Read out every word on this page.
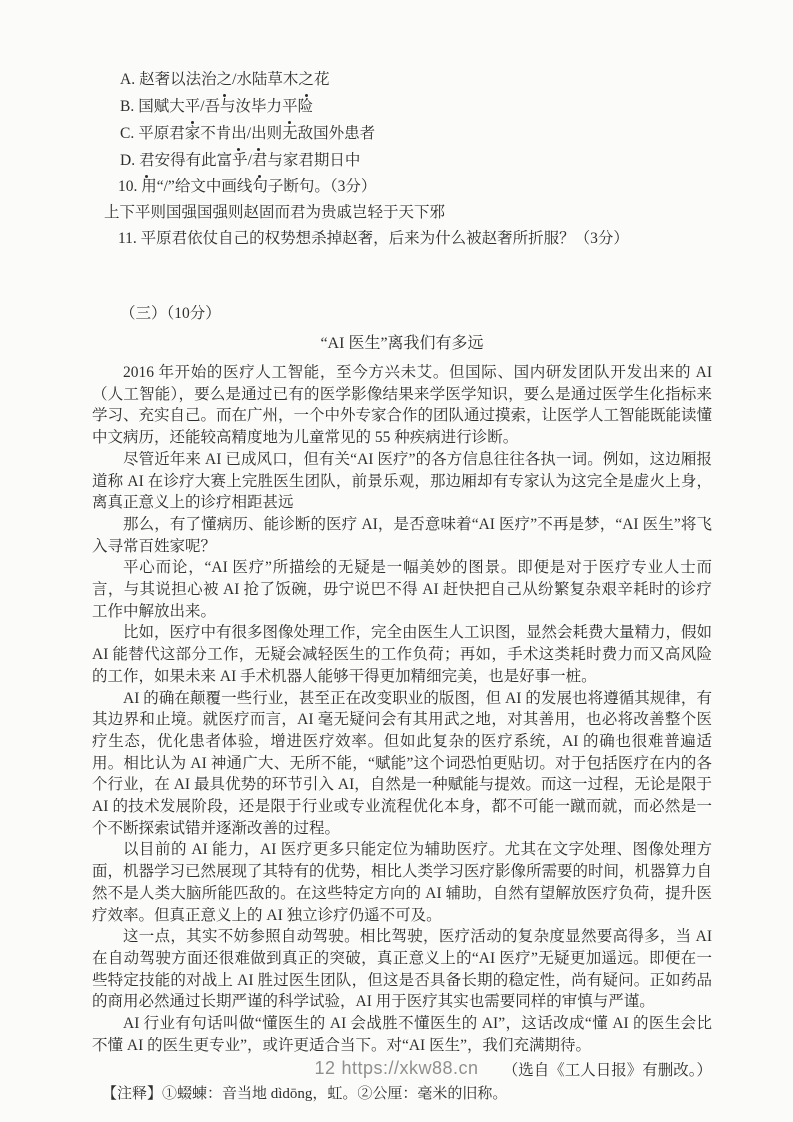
A. 赵奢以法治之/水陆草木之花
B. 国赋大平/吾与汝毕力平险
C. 平原君家不肯出/出则无敌国外患者
D. 君安得有此富乎/君与家君期日中
10. 用“/”给文中画线句子断句。（3分）
上下平则国强国强则赵固而君为贵戚岂轻于天下邪
11. 平原君依仗自己的权势想杀掉赵奢，后来为什么被赵奢所折服？（3分）
（三）（10分）
“AI 医生”离我们有多远

2016 年开始的医疗人工智能，至今方兴未艾。但国际、国内研发团队开发出来的 AI（人工智能），要么是通过已有的医学影像结果来学医学知识，要么是通过医学生化指标来学习、充实自己。而在广州，一个中外专家合作的团队通过摸索，让医学人工智能既能读懂中文病历，还能较高精度地为儿童常见的 55 种疾病进行诊断。

尽管近年来 AI 已成风口，但有关“AI 医疗”的各方信息往往各执一词。例如，这边厢报道称 AI 在诊疗大赛上完胜医生团队，前景乐观，那边厢却有专家认为这完全是虚火上身，离真正意义上的诊疗相距甚远

那么，有了懂病历、能诊断的医疗 AI，是否意味着“AI 医疗”不再是梦，“AI 医生”将飞入寻常百姓家呢？

平心而论，“AI 医疗”所描绘的无疑是一幅美妙的图景。即便是对于医疗专业人士而言，与其说担心被 AI 抢了饭碗，毋宁说巴不得 AI 赶快把自己从纷繁复杂艰辛耗时的诊疗工作中解放出来。

比如，医疗中有很多图像处理工作，完全由医生人工识图，显然会耗费大量精力，假如 AI 能替代这部分工作，无疑会减轻医生的工作负荷；再如，手术这类耗时费力而又高风险的工作，如果未来 AI 手术机器人能够干得更加精细完美，也是好事一桩。

AI 的确在颠覆一些行业，甚至正在改变职业的版图，但 AI 的发展也将遵循其规律，有其边界和止境。就医疗而言，AI 毫无疑问会有其用武之地，对其善用，也必将改善整个医疗生态，优化患者体验，增进医疗效率。但如此复杂的医疗系统，AI 的确也很难普遍适用。相比认为 AI 神通广大、无所不能，“赋能”这个词恐怕更贴切。对于包括医疗在内的各个行业，在 AI 最具优势的环节引入 AI，自然是一种赋能与提效。而这一过程，无论是限于 AI 的技术发展阶段，还是限于行业或专业流程优化本身，都不可能一蹴而就，而必然是一个不断探索试错并逐渐改善的过程。

以目前的 AI 能力，AI 医疗更多只能定位为辅助医疗。尤其在文字处理、图像处理方面，机器学习已然展现了其特有的优势，相比人类学习医疗影像所需要的时间，机器算力自然不是人类大脑所能匹敌的。在这些特定方向的 AI 辅助，自然有望解放医疗负荷，提升医疗效率。但真正意义上的 AI 独立诊疗仍遥不可及。

这一点，其实不妨参照自动驾驶。相比驾驶，医疗活动的复杂度显然要高得多，当 AI 在自动驾驶方面还很难做到真正的突破，真正意义上的“AI 医疗”无疑更加遥远。即便在一些特定技能的对战上 AI 胜过医生团队，但这是否具备长期的稳定性，尚有疑问。正如药品的商用必然通过长期严谨的科学试验，AI 用于医疗其实也需要同样的审慎与严谨。

AI 行业有句话叫做“懂医生的 AI 会战胜不懂医生的 AI”，这话改成“懂 AI 的医生会比不懂 AI 的医生更专业”，或许更适合当下。对“AI 医生”，我们充满期待。

（选自《工人日报》有删改。）
【注释】①蝃蝀：音当地 dìdōng，虹。②公厘：毫米的旧称。
12 https://xkw88.cn
